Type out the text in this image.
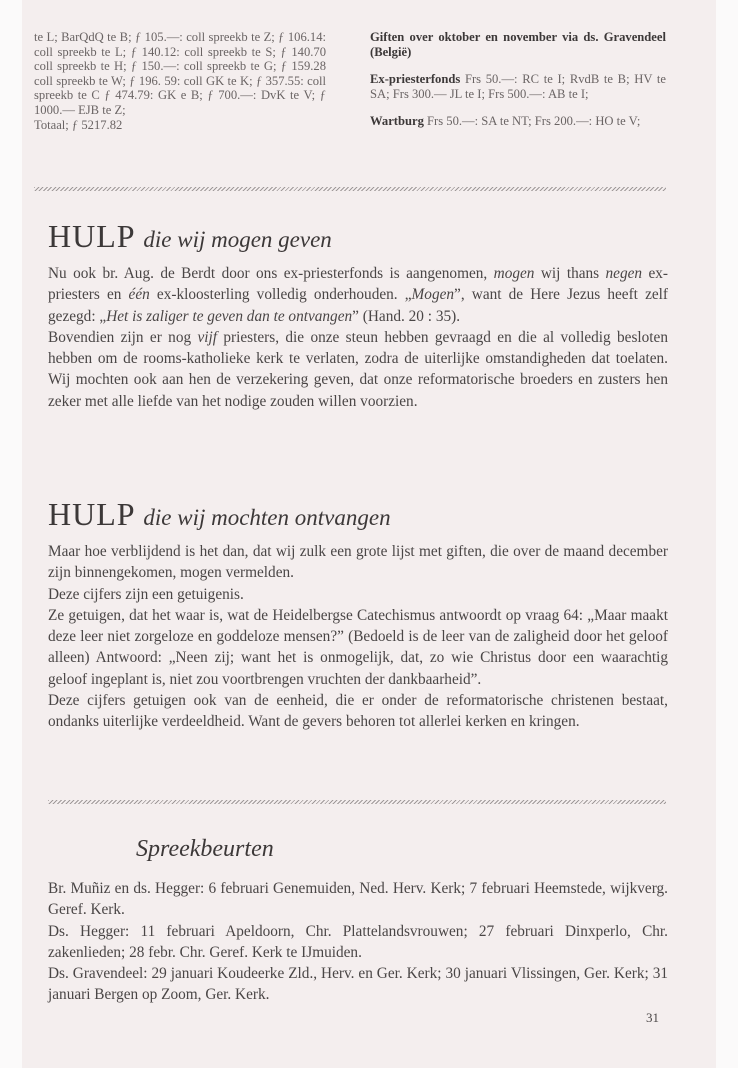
te L; BarQdQ te B; ƒ 105.—: coll spreekb te Z; ƒ 106.14: coll spreekb te L; ƒ 140.12: coll spreekb te S; ƒ 140.70 coll spreekb te H; ƒ 150.—: coll spreekb te G; ƒ 159.28 coll spreekb te W; ƒ 196. 59: coll GK te K; ƒ 357.55: coll spreekb te C ƒ 474.79: GK e B; ƒ 700.—: DvK te V; ƒ 1000.— EJB te Z;

Totaal; ƒ 5217.82

Giften over oktober en november via ds. Gravendeel (België)

Ex-priesterfonds Frs 50.—: RC te I; RvdB te B; HV te SA; Frs 300.— JL te I; Frs 500.—: AB te I;

Wartburg Frs 50.—: SA te NT; Frs 200.—: HO te V;

HULP die wij mogen geven

Nu ook br. Aug. de Berdt door ons ex-priesterfonds is aangenomen, mogen wij thans negen ex-priesters en één ex-kloosterling volledig onderhouden. „Mogen”, want de Here Jezus heeft zelf gezegd: „Het is zaliger te geven dan te ontvangen” (Hand. 20 : 35).

Bovendien zijn er nog vijf priesters, die onze steun hebben gevraagd en die al volledig besloten hebben om de rooms-katholieke kerk te verlaten, zodra de uiterlijke omstandigheden dat toelaten. Wij mochten ook aan hen de verzekering geven, dat onze reformatorische broeders en zusters hen zeker met alle liefde van het nodige zouden willen voorzien.

HULP die wij mochten ontvangen

Maar hoe verblijdend is het dan, dat wij zulk een grote lijst met giften, die over de maand december zijn binnengekomen, mogen vermelden.

Deze cijfers zijn een getuigenis.

Ze getuigen, dat het waar is, wat de Heidelbergse Catechismus antwoordt op vraag 64: „Maar maakt deze leer niet zorgeloze en goddeloze mensen?” (Bedoeld is de leer van de zaligheid door het geloof alleen) Antwoord: „Neen zij; want het is onmogelijk, dat, zo wie Christus door een waarachtig geloof ingeplant is, niet zou voortbrengen vruchten der dankbaarheid”.

Deze cijfers getuigen ook van de eenheid, die er onder de reformatorische christenen bestaat, ondanks uiterlijke verdeeldheid. Want de gevers behoren tot allerlei kerken en kringen.

Spreekbeurten

Br. Muñiz en ds. Hegger: 6 februari Genemuiden, Ned. Herv. Kerk; 7 februari Heemstede, wijkverg. Geref. Kerk.

Ds. Hegger: 11 februari Apeldoorn, Chr. Plattelandsvrouwen; 27 februari Dinxperlo, Chr. zakenlieden; 28 febr. Chr. Geref. Kerk te IJmuiden.

Ds. Gravendeel: 29 januari Koudeerke Zld., Herv. en Ger. Kerk; 30 januari Vlissingen, Ger. Kerk; 31 januari Bergen op Zoom, Ger. Kerk.

31
